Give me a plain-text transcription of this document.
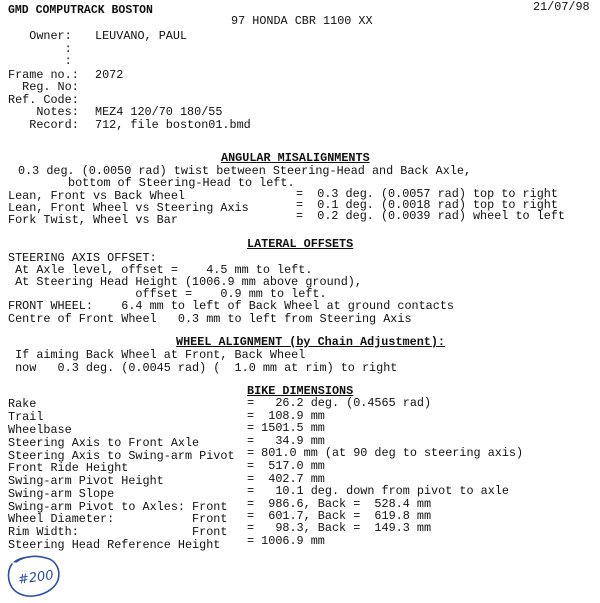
GMD COMPUTRACK BOSTON
97 HONDA CBR 1100 XX
21/07/98
Owner: LEUVANO, PAUL
:
:
Frame no.: 2072
Reg. No:
Ref. Code:
Notes: MEZ4 120/70 180/55
Record: 712, file boston01.bmd
ANGULAR MISALIGNMENTS
0.3 deg. (0.0050 rad) twist between Steering-Head and Back Axle,
bottom of Steering-Head to left.
Lean, Front vs Back Wheel	=  0.3 deg. (0.0057 rad) top to right
Lean, Front Wheel vs Steering Axis	=  0.1 deg. (0.0018 rad) top to right
Fork Twist, Wheel vs Bar	=  0.2 deg. (0.0039 rad) wheel to left
LATERAL OFFSETS
STEERING AXIS OFFSET:
At Axle level, offset =    4.5 mm to left.
At Steering Head Height (1006.9 mm above ground),
offset =    0.9 mm to left.
FRONT WHEEL:    6.4 mm to left of Back Wheel at ground contacts
Centre of Front Wheel   0.3 mm to left from Steering Axis
WHEEL ALIGNMENT (by Chain Adjustment):
If aiming Back Wheel at Front, Back Wheel
now   0.3 deg. (0.0045 rad) (  1.0 mm at rim) to right
BIKE DIMENSIONS
Rake	=   26.2 deg. (0.4565 rad)
Trail	=  108.9 mm
Wheelbase	= 1501.5 mm
Steering Axis to Front Axle	=   34.9 mm
Steering Axis to Swing-arm Pivot = 801.0 mm (at 90 deg to steering axis)
Front Ride Height	=  517.0 mm
Swing-arm Pivot Height	=  402.7 mm
Swing-arm Slope	=   10.1 deg. down from pivot to axle
Swing-arm Pivot to Axles: Front =  986.6, Back =  528.4 mm
Wheel Diameter:           Front =  601.7, Back =  619.8 mm
Rim Width:                Front =   98.3, Back =  149.3 mm
Steering Head Reference Height = 1006.9 mm
#200
